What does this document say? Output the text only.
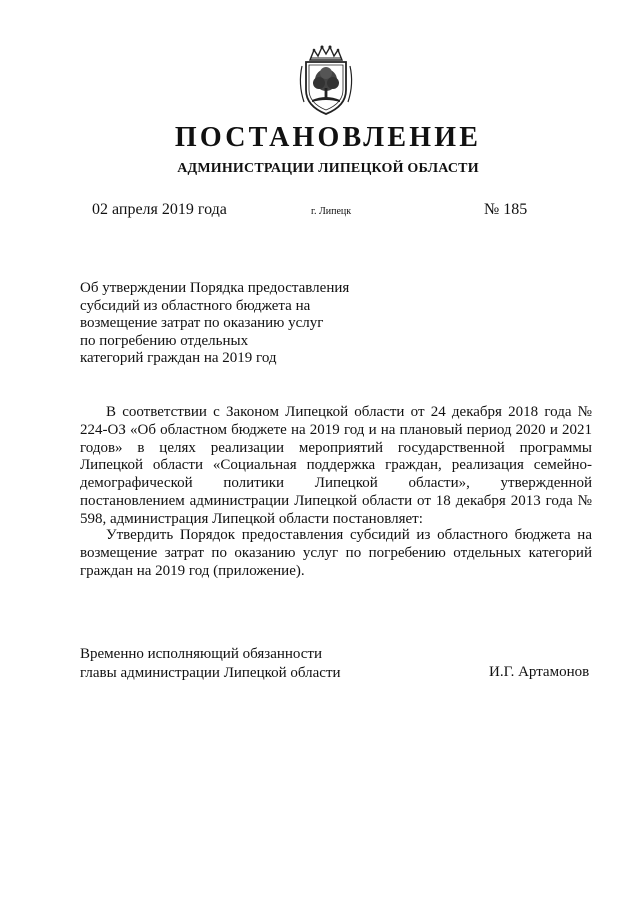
ПОСТАНОВЛЕНИЕ
АДМИНИСТРАЦИИ ЛИПЕЦКОЙ ОБЛАСТИ
02 апреля 2019 года	г. Липецк	№ 185
Об утверждении Порядка предоставления
субсидий из областного бюджета на
возмещение затрат по оказанию услуг
по погребению отдельных
категорий граждан на 2019 год
В соответствии с Законом Липецкой области от 24 декабря 2018 года № 224-ОЗ «Об областном бюджете на 2019 год и на плановый период 2020 и 2021 годов» в целях реализации мероприятий государственной программы Липецкой области «Социальная поддержка граждан, реализация семейно-демографической политики Липецкой области», утвержденной постановлением администрации Липецкой области от 18 декабря 2013 года № 598, администрация Липецкой области постановляет:
Утвердить Порядок предоставления субсидий из областного бюджета на возмещение затрат по оказанию услуг по погребению отдельных категорий граждан на 2019 год (приложение).
Временно исполняющий обязанности
главы администрации Липецкой области	И.Г. Артамонов
